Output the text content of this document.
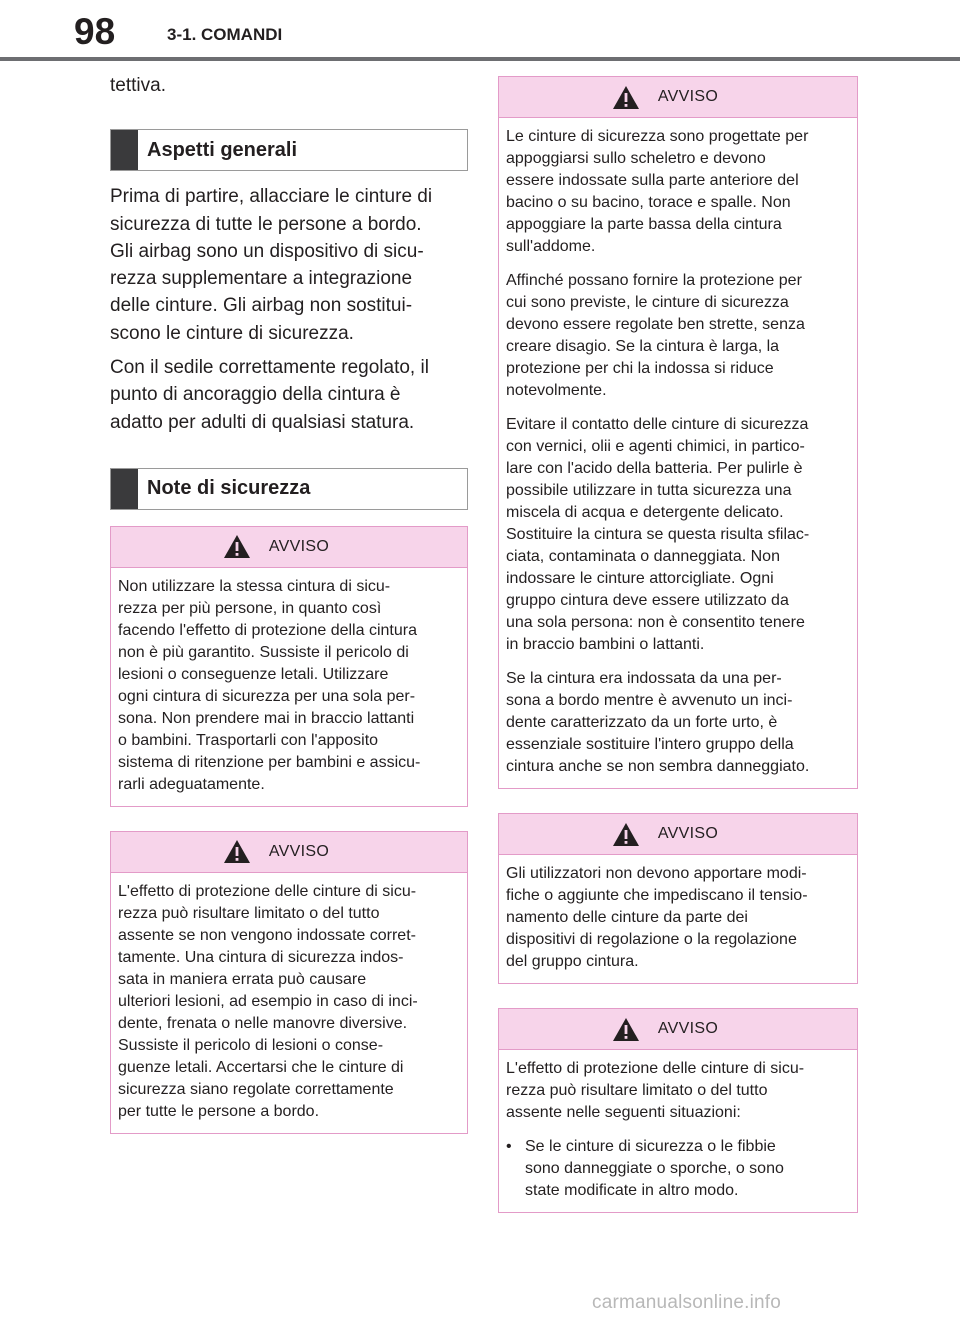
98	3-1. COMANDI

tettiva.

Aspetti generali

Prima di partire, allacciare le cinture di
sicurezza di tutte le persone a bordo.
Gli airbag sono un dispositivo di sicu-
rezza supplementare a integrazione
delle cinture. Gli airbag non sostitui-
scono le cinture di sicurezza.

Con il sedile correttamente regolato, il
punto di ancoraggio della cintura è
adatto per adulti di qualsiasi statura.

Note di sicurezza
AVVISO

Non utilizzare la stessa cintura di sicu-
rezza per più persone, in quanto così
facendo l'effetto di protezione della cintura
non è più garantito. Sussiste il pericolo di
lesioni o conseguenze letali. Utilizzare
ogni cintura di sicurezza per una sola per-
sona. Non prendere mai in braccio lattanti
o bambini. Trasportarli con l'apposito
sistema di ritenzione per bambini e assicu-
rarli adeguatamente.

AVVISO

L'effetto di protezione delle cinture di sicu-
rezza può risultare limitato o del tutto
assente se non vengono indossate corret-
tamente. Una cintura di sicurezza indos-
sata in maniera errata può causare
ulteriori lesioni, ad esempio in caso di inci-
dente, frenata o nelle manovre diversive.
Sussiste il pericolo di lesioni o conse-
guenze letali. Accertarsi che le cinture di
sicurezza siano regolate correttamente
per tutte le persone a bordo.

AVVISO

Le cinture di sicurezza sono progettate per
appoggiarsi sullo scheletro e devono
essere indossate sulla parte anteriore del
bacino o su bacino, torace e spalle. Non
appoggiare la parte bassa della cintura
sull'addome.

Affinché possano fornire la protezione per
cui sono previste, le cinture di sicurezza
devono essere regolate ben strette, senza
creare disagio. Se la cintura è larga, la
protezione per chi la indossa si riduce
notevolmente.

Evitare il contatto delle cinture di sicurezza
con vernici, olii e agenti chimici, in partico-
lare con l'acido della batteria. Per pulirle è
possibile utilizzare in tutta sicurezza una
miscela di acqua e detergente delicato.
Sostituire la cintura se questa risulta sfilac-
ciata, contaminata o danneggiata. Non
indossare le cinture attorcigliate. Ogni
gruppo cintura deve essere utilizzato da
una sola persona: non è consentito tenere
in braccio bambini o lattanti.

Se la cintura era indossata da una per-
sona a bordo mentre è avvenuto un inci-
dente caratterizzato da un forte urto, è
essenziale sostituire l'intero gruppo della
cintura anche se non sembra danneggiato.

AVVISO

Gli utilizzatori non devono apportare modi-
fiche o aggiunte che impediscano il tensio-
namento delle cinture da parte dei
dispositivi di regolazione o la regolazione
del gruppo cintura.

AVVISO

L'effetto di protezione delle cinture di sicu-
rezza può risultare limitato o del tutto
assente nelle seguenti situazioni:

• Se le cinture di sicurezza o le fibbie
sono danneggiate o sporche, o sono
state modificate in altro modo.

carmanualsonline.info
